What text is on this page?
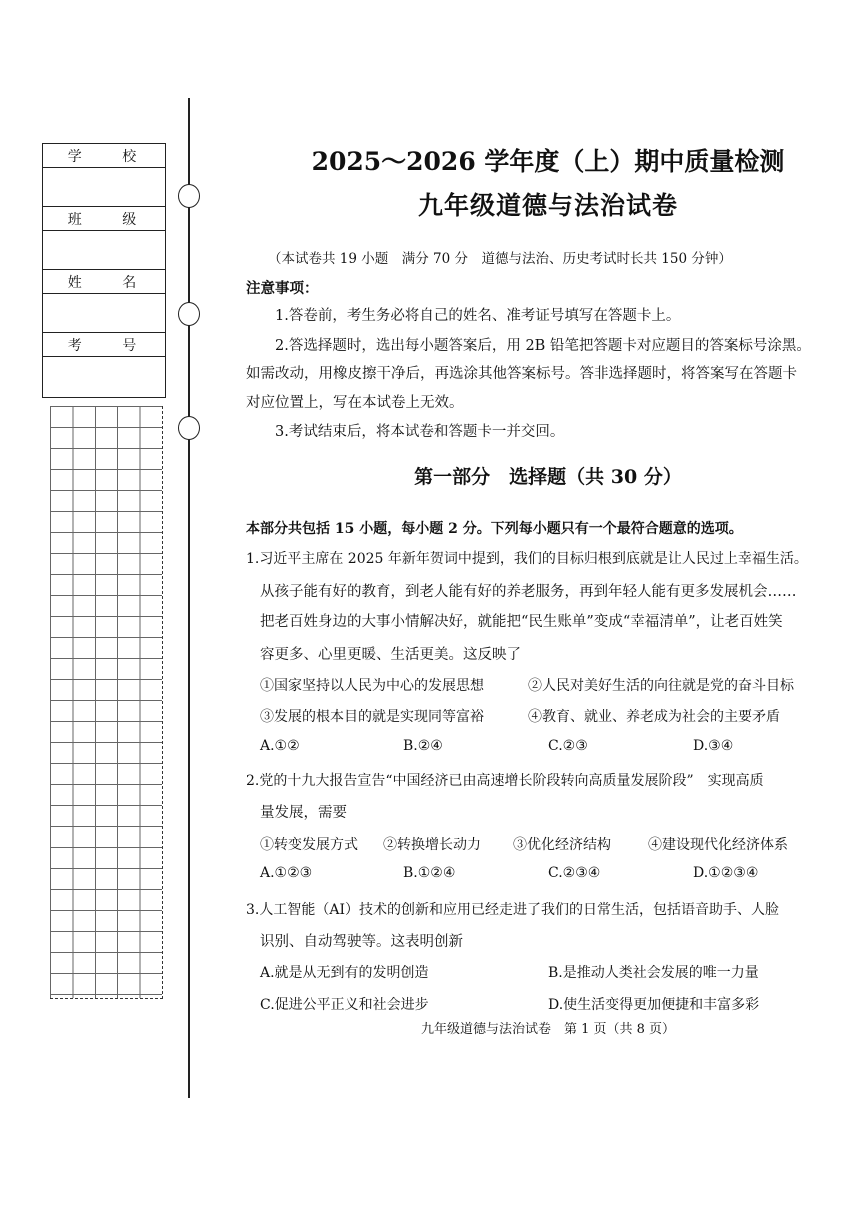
学 校
班 级
姓 名
考 号
2025～2026 学年度（上）期中质量检测
九年级道德与法治试卷
（本试卷共 19 小题　满分 70 分　道德与法治、历史考试时长共 150 分钟）
注意事项：
1.答卷前，考生务必将自己的姓名、准考证号填写在答题卡上。
2.答选择题时，选出每小题答案后，用 2B 铅笔把答题卡对应题目的答案标号涂黑。
如需改动，用橡皮擦干净后，再选涂其他答案标号。答非选择题时，将答案写在答题卡
对应位置上，写在本试卷上无效。
3.考试结束后，将本试卷和答题卡一并交回。
第一部分　选择题（共 30 分）
本部分共包括 15 小题，每小题 2 分。下列每小题只有一个最符合题意的选项。
1.习近平主席在 2025 年新年贺词中提到，我们的目标归根到底就是让人民过上幸福生活。
从孩子能有好的教育，到老人能有好的养老服务，再到年轻人能有更多发展机会……
把老百姓身边的大事小情解决好，就能把“民生账单”变成“幸福清单”，让老百姓笑
容更多、心里更暖、生活更美。这反映了
①国家坚持以人民为中心的发展思想	②人民对美好生活的向往就是党的奋斗目标
③发展的根本目的就是实现同等富裕	④教育、就业、养老成为社会的主要矛盾
A.①②	B.②④	C.②③	D.③④
2.党的十九大报告宣告“中国经济已由高速增长阶段转向高质量发展阶段”　实现高质
量发展，需要
①转变发展方式 ②转换增长动力 ③优化经济结构	④建设现代化经济体系
A.①②③	B.①②④	C.②③④	D.①②③④
3.人工智能（AI）技术的创新和应用已经走进了我们的日常生活，包括语音助手、人脸
识别、自动驾驶等。这表明创新
A.就是从无到有的发明创造	B.是推动人类社会发展的唯一力量
C.促进公平正义和社会进步	D.使生活变得更加便捷和丰富多彩
九年级道德与法治试卷　第 1 页（共 8 页）
